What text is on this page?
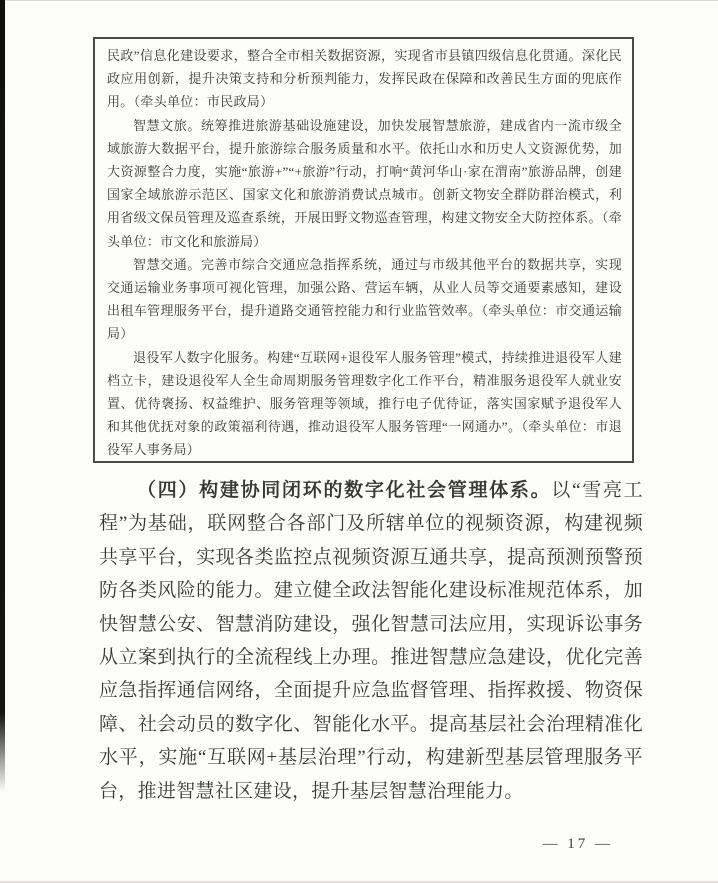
民政”信息化建设要求，整合全市相关数据资源，实现省市县镇四级信息化贯通。深化民政应用创新，提升决策支持和分析预判能力，发挥民政在保障和改善民生方面的兜底作用。（牵头单位：市民政局）

智慧文旅。统筹推进旅游基础设施建设，加快发展智慧旅游，建成省内一流市级全域旅游大数据平台，提升旅游综合服务质量和水平。依托山水和历史人文资源优势，加大资源整合力度，实施“旅游+”“+旅游”行动，打响“黄河华山·家在渭南”旅游品牌，创建国家全域旅游示范区、国家文化和旅游消费试点城市。创新文物安全群防群治模式，利用省级文保员管理及巡查系统，开展田野文物巡查管理，构建文物安全大防控体系。（牵头单位：市文化和旅游局）

智慧交通。完善市综合交通应急指挥系统，通过与市级其他平台的数据共享，实现交通运输业务事项可视化管理，加强公路、营运车辆，从业人员等交通要素感知，建设出租车管理服务平台，提升道路交通管控能力和行业监管效率。（牵头单位：市交通运输局）

退役军人数字化服务。构建“互联网+退役军人服务管理”模式，持续推进退役军人建档立卡，建设退役军人全生命周期服务管理数字化工作平台，精准服务退役军人就业安置、优待褒扬、权益维护、服务管理等领域，推行电子优待证，落实国家赋予退役军人和其他优抚对象的政策福利待遇，推动退役军人服务管理“一网通办”。（牵头单位：市退役军人事务局）

（四）构建协同闭环的数字化社会管理体系。以“雪亮工程”为基础，联网整合各部门及所辖单位的视频资源，构建视频共享平台，实现各类监控点视频资源互通共享，提高预测预警预防各类风险的能力。建立健全政法智能化建设标准规范体系，加快智慧公安、智慧消防建设，强化智慧司法应用，实现诉讼事务从立案到执行的全流程线上办理。推进智慧应急建设，优化完善应急指挥通信网络，全面提升应急监督管理、指挥救援、物资保障、社会动员的数字化、智能化水平。提高基层社会治理精准化水平，实施“互联网+基层治理”行动，构建新型基层管理服务平台，推进智慧社区建设，提升基层智慧治理能力。

— 17 —
